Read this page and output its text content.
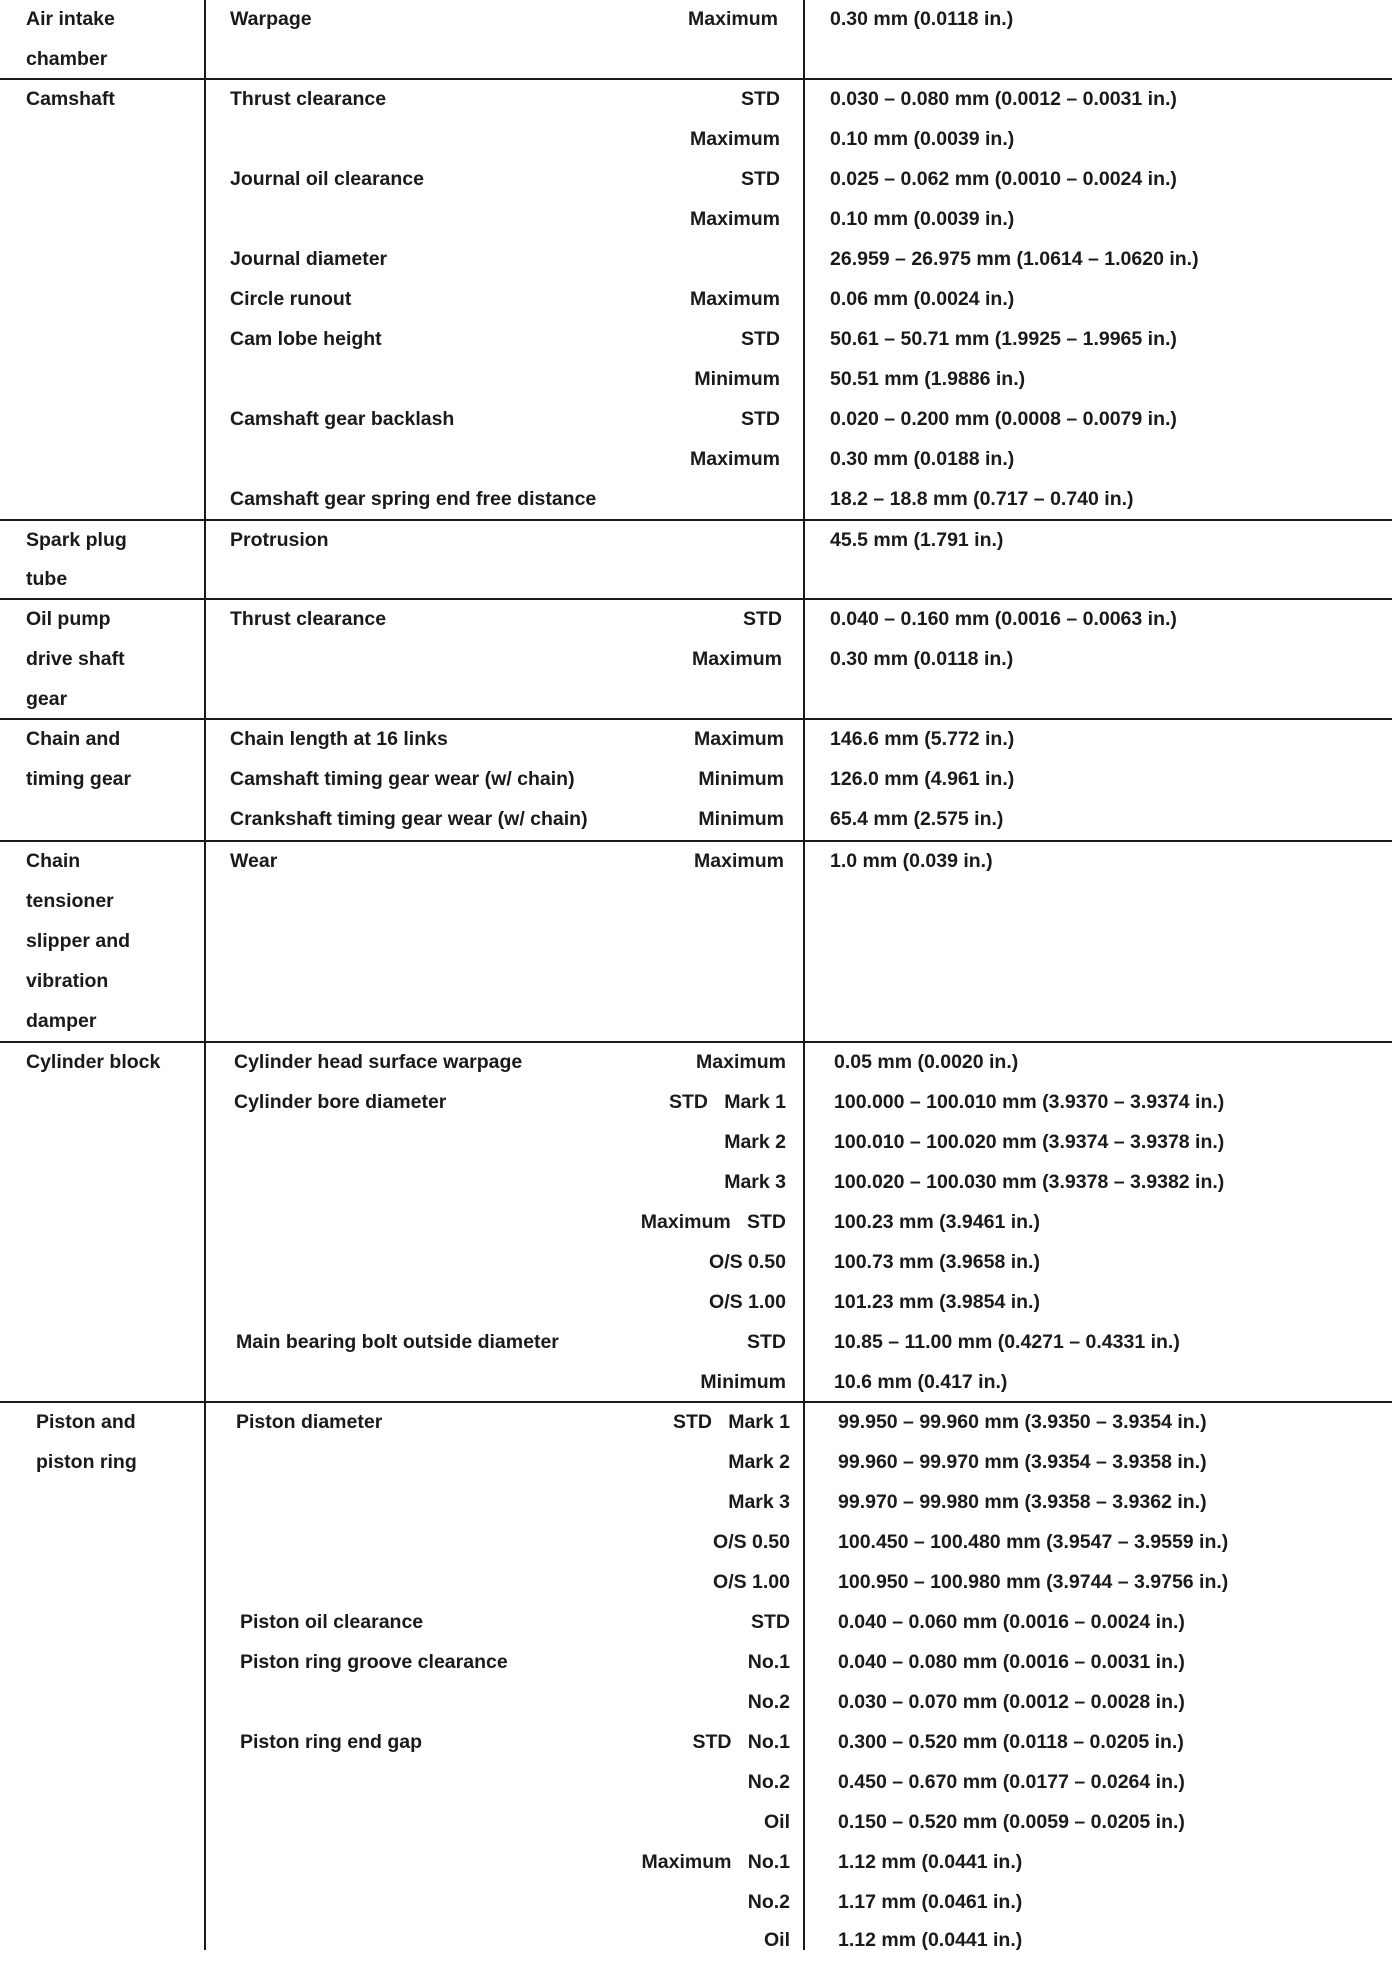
Air intake	Warpage	Maximum	0.30 mm (0.0118 in.)
chamber
Camshaft	Thrust clearance	STD	0.030 – 0.080 mm (0.0012 – 0.0031 in.)
Maximum	0.10 mm (0.0039 in.)
Journal oil clearance	STD	0.025 – 0.062 mm (0.0010 – 0.0024 in.)
Maximum	0.10 mm (0.0039 in.)
Journal diameter	26.959 – 26.975 mm (1.0614 – 1.0620 in.)
Circle runout	Maximum	0.06 mm (0.0024 in.)
Cam lobe height	STD	50.61 – 50.71 mm (1.9925 – 1.9965 in.)
Minimum	50.51 mm (1.9886 in.)
Camshaft gear backlash	STD	0.020 – 0.200 mm (0.0008 – 0.0079 in.)
Maximum	0.30 mm (0.0188 in.)
Camshaft gear spring end free distance	18.2 – 18.8 mm (0.717 – 0.740 in.)
Spark plug	Protrusion	45.5 mm (1.791 in.)
tube
Oil pump	Thrust clearance	STD 0.040 – 0.160 mm (0.0016 – 0.0063 in.)
drive shaft	Maximum 0.30 mm (0.0118 in.)
gear
Chain and	Chain length at 16 links	Maximum 146.6 mm (5.772 in.)
timing gear	Camshaft timing gear wear (w/ chain)	Minimum 126.0 mm (4.961 in.)
Crankshaft timing gear wear (w/ chain)	Minimum 65.4 mm (2.575 in.)
Chain	Wear	Maximum 1.0 mm (0.039 in.)
tensioner
slipper and
vibration
damper
Cylinder block	Cylinder head surface warpage	Maximum 0.05 mm (0.0020 in.)
Cylinder bore diameter	STD   Mark 1 100.000 – 100.010 mm (3.9370 – 3.9374 in.)
Mark 2 100.010 – 100.020 mm (3.9374 – 3.9378 in.)
Mark 3 100.020 – 100.030 mm (3.9378 – 3.9382 in.)
Maximum   STD 100.23 mm (3.9461 in.)
O/S 0.50 100.73 mm (3.9658 in.)
O/S 1.00 101.23 mm (3.9854 in.)
Main bearing bolt outside diameter	STD 10.85 – 11.00 mm (0.4271 – 0.4331 in.)
Minimum 10.6 mm (0.417 in.)
Piston and	Piston diameter	STD   Mark 1 99.950 – 99.960 mm (3.9350 – 3.9354 in.)
piston ring	Mark 2 99.960 – 99.970 mm (3.9354 – 3.9358 in.)
Mark 3 99.970 – 99.980 mm (3.9358 – 3.9362 in.)
O/S 0.50 100.450 – 100.480 mm (3.9547 – 3.9559 in.)
O/S 1.00 100.950 – 100.980 mm (3.9744 – 3.9756 in.)
Piston oil clearance	STD 0.040 – 0.060 mm (0.0016 – 0.0024 in.)
Piston ring groove clearance	No.1 0.040 – 0.080 mm (0.0016 – 0.0031 in.)
No.2 0.030 – 0.070 mm (0.0012 – 0.0028 in.)
Piston ring end gap	STD   No.1 0.300 – 0.520 mm (0.0118 – 0.0205 in.)
No.2 0.450 – 0.670 mm (0.0177 – 0.0264 in.)
Oil 0.150 – 0.520 mm (0.0059 – 0.0205 in.)
Maximum   No.1 1.12 mm (0.0441 in.)
No.2 1.17 mm (0.0461 in.)
Oil 1.12 mm (0.0441 in.)
